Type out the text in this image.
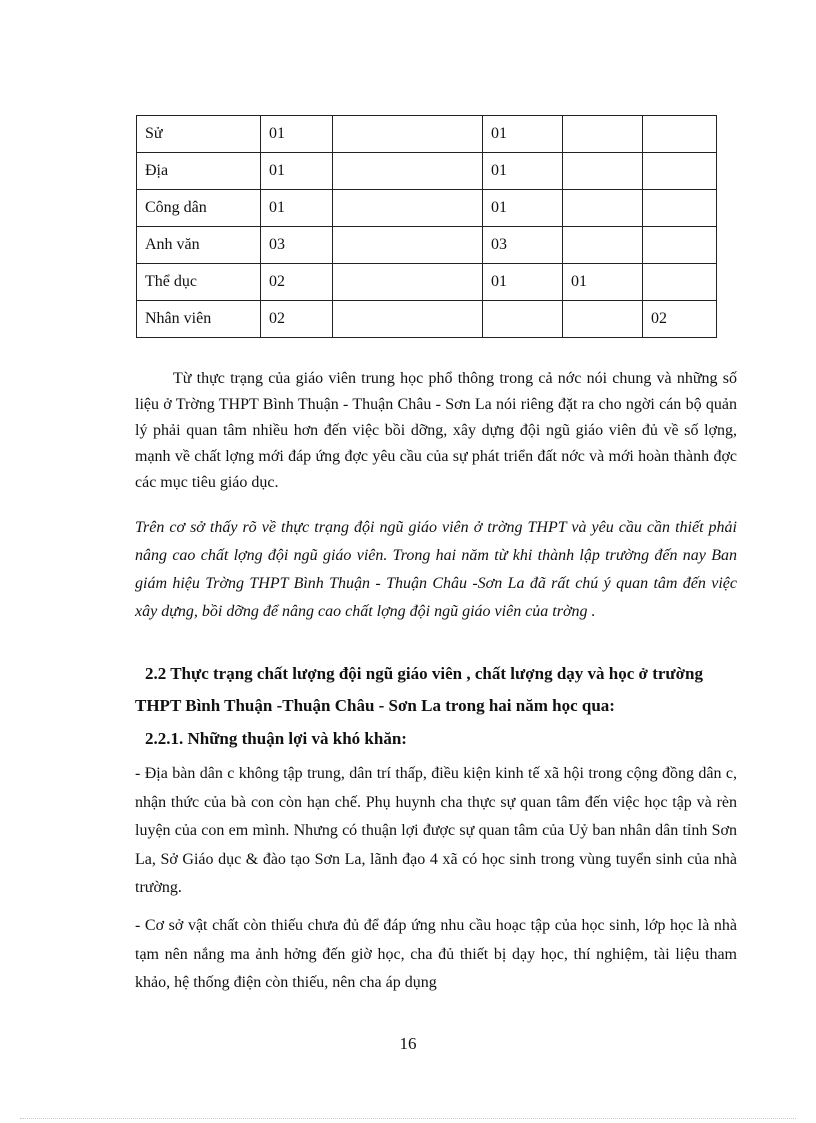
Sử	01		01		
Địa	01		01		
Công dân	01		01		
Anh văn	03		03		
Thể dục	02		01	01	
Nhân viên	02				02

Từ thực trạng của giáo viên trung học phổ thông trong cả nớc nói chung và những số liệu ở Trờng THPT Bình Thuận - Thuận Châu - Sơn La nói riêng đặt ra cho ngời cán bộ quản lý phải quan tâm nhiều hơn đến việc bồi dỡng, xây dựng đội ngũ giáo viên đủ về số lợng, mạnh về chất lợng mới đáp ứng đợc yêu cầu của sự phát triển đất nớc và mới hoàn thành đợc các mục tiêu giáo dục.

Trên cơ sở thấy rõ về thực trạng đội ngũ giáo viên ở trờng THPT và yêu cầu cần thiết phải nâng cao chất lợng đội ngũ giáo viên. Trong hai năm từ khi thành lập trường đến nay Ban giám hiệu Trờng THPT Bình Thuận - Thuận Châu -Sơn La đã rất chú ý quan tâm đến việc xây dựng, bồi dỡng để nâng cao chất lợng đội ngũ giáo viên của trờng .

2.2 Thực trạng chất lượng đội ngũ giáo viên , chất lượng dạy và học ở trường THPT Bình Thuận -Thuận Châu - Sơn La trong hai năm học qua:

2.2.1. Những thuận lợi và khó khăn:

- Địa bàn dân c không tập trung, dân trí thấp, điều kiện kinh tế xã hội trong cộng đồng dân c, nhận thức của bà con còn hạn chế. Phụ huynh cha thực sự quan tâm đến việc học tập và rèn luyện của con em mình. Nhưng có thuận lợi được sự quan tâm của Uỷ ban nhân dân tỉnh Sơn La, Sở Giáo dục & đào tạo Sơn La, lãnh đạo 4 xã có học sinh trong vùng tuyển sinh của nhà trường.

- Cơ sở vật chất còn thiếu chưa đủ để đáp ứng nhu cầu hoạc tập của học sinh, lớp học là nhà tạm nên nắng ma ảnh hởng đến giờ học, cha đủ thiết bị dạy học, thí nghiệm, tài liệu tham khảo, hệ thống điện còn thiếu, nên cha áp dụng

16
